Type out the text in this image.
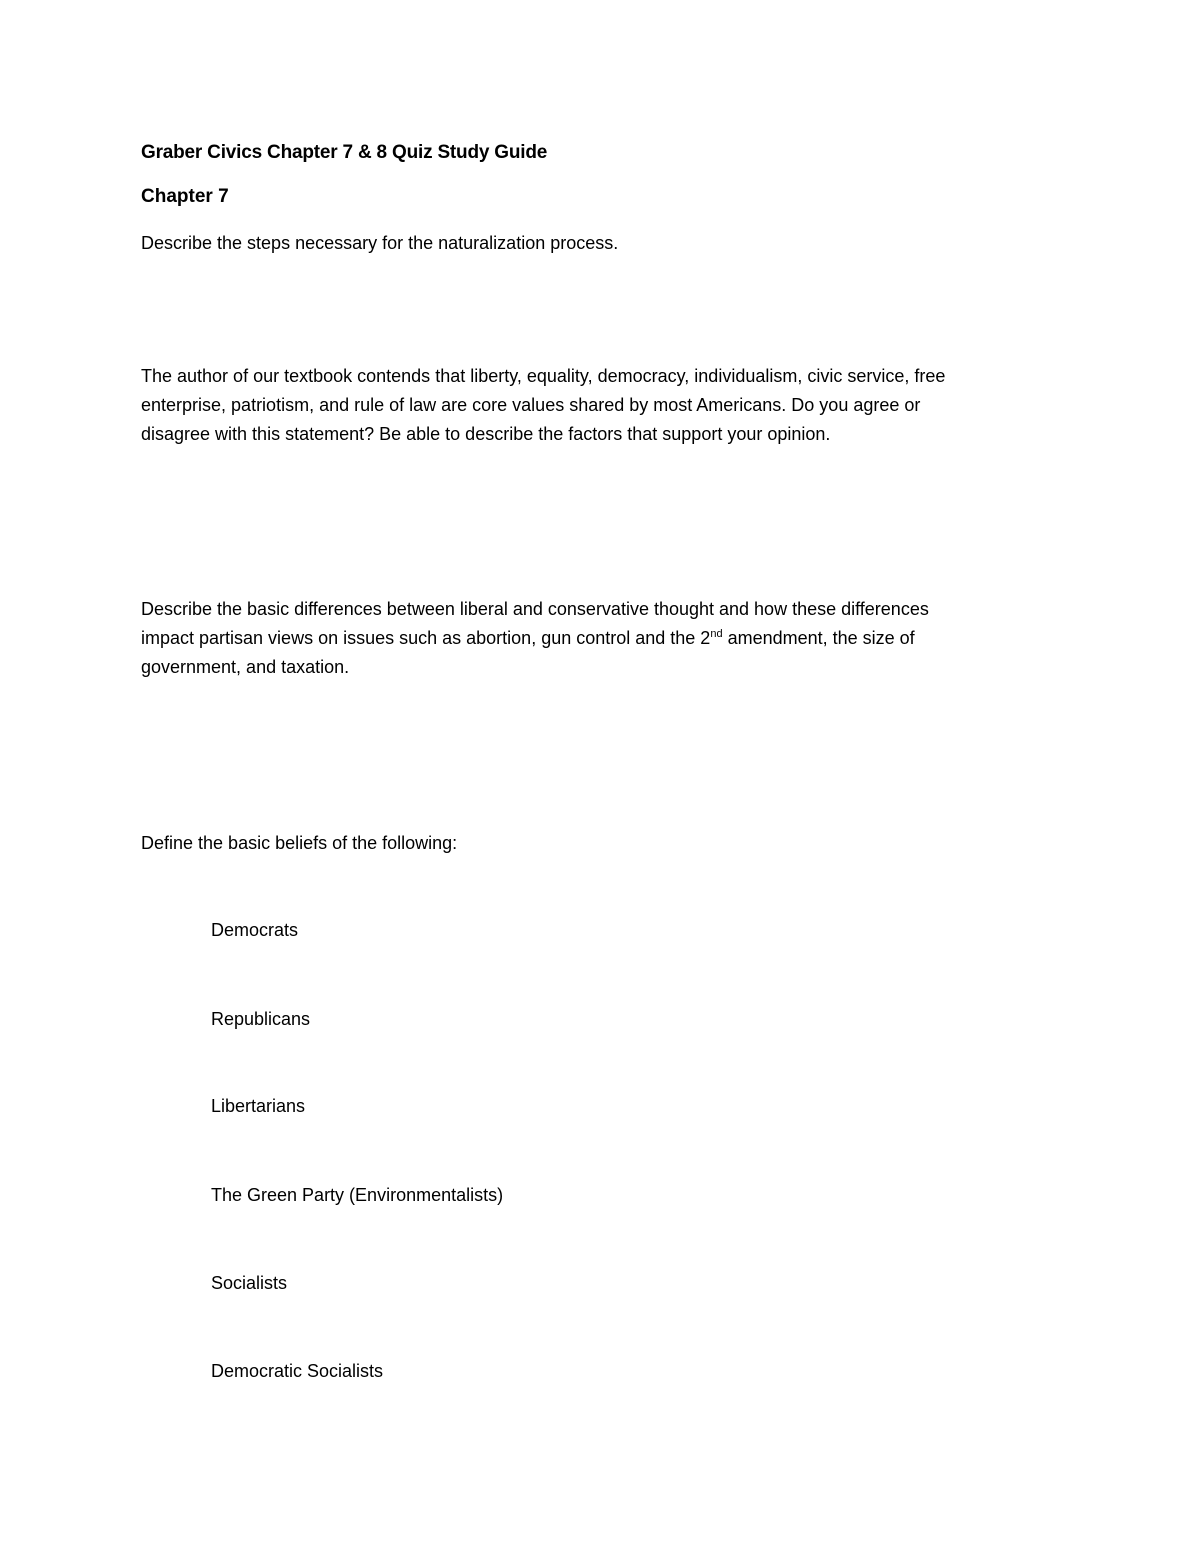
Graber Civics Chapter 7 & 8 Quiz Study Guide
Chapter 7

Describe the steps necessary for the naturalization process.

The author of our textbook contends that liberty, equality, democracy, individualism, civic service, free
enterprise, patriotism, and rule of law are core values shared by most Americans. Do you agree or
disagree with this statement? Be able to describe the factors that support your opinion.

Describe the basic differences between liberal and conservative thought and how these differences
impact partisan views on issues such as abortion, gun control and the 2nd amendment, the size of
government, and taxation.

Define the basic beliefs of the following:

Democrats

Republicans

Libertarians

The Green Party (Environmentalists)

Socialists

Democratic Socialists
